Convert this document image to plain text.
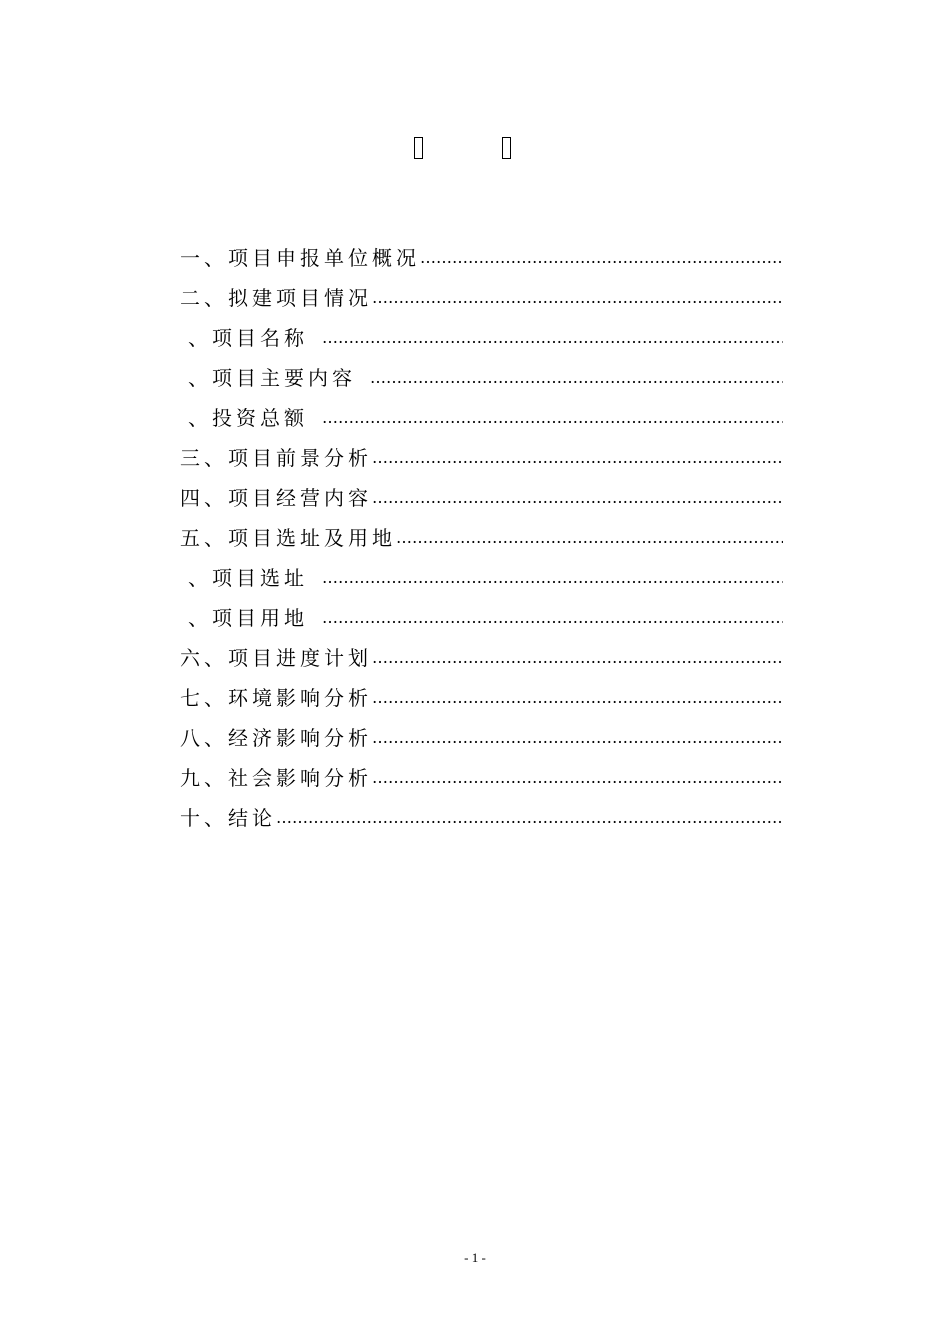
一、项目申报单位概况
…………………………………………………………………………………………………………………
二、拟建项目情况
…………………………………………………………………………………………………………………
、项目名称
…………………………………………………………………………………………………………………
、项目主要内容
…………………………………………………………………………………………………………………
、投资总额
…………………………………………………………………………………………………………………
三、项目前景分析
…………………………………………………………………………………………………………………
四、项目经营内容
…………………………………………………………………………………………………………………
五、项目选址及用地
…………………………………………………………………………………………………………………
、项目选址
…………………………………………………………………………………………………………………
、项目用地
…………………………………………………………………………………………………………………
六、项目进度计划
…………………………………………………………………………………………………………………
七、环境影响分析
…………………………………………………………………………………………………………………
八、经济影响分析
…………………………………………………………………………………………………………………
九、社会影响分析
…………………………………………………………………………………………………………………
十、结论
…………………………………………………………………………………………………………………
- 1 -
